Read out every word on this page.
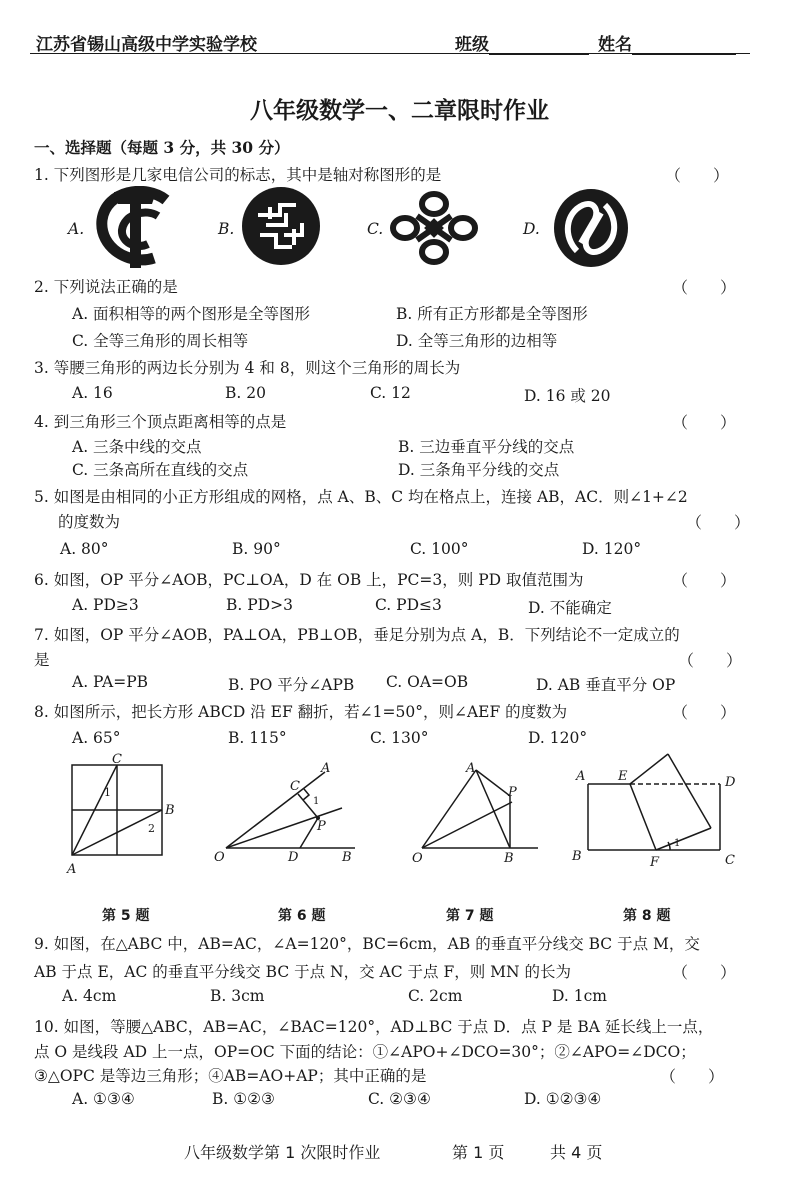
江苏省锡山高级中学实验学校	班级	姓名
八年级数学一、二章限时作业
一、选择题（每题 3 分，共 30 分）
1. 下列图形是几家电信公司的标志，其中是轴对称图形的是	（　　）
A.	B.	C.	D.
2. 下列说法正确的是	（　　）
A. 面积相等的两个图形是全等图形	B. 所有正方形都是全等图形
C. 全等三角形的周长相等	D. 全等三角形的边相等
3. 等腰三角形的两边长分别为 4 和 8，则这个三角形的周长为
A. 16	B. 20	C. 12	D. 16 或 20
4. 到三角形三个顶点距离相等的点是	（　　）
A. 三条中线的交点	B. 三边垂直平分线的交点
C. 三条高所在直线的交点	D. 三条角平分线的交点
5. 如图是由相同的小正方形组成的网格，点 A、B、C 均在格点上，连接 AB，AC．则∠1+∠2
的度数为	（　　）
A. 80°	B. 90°	C. 100°	D. 120°
6. 如图，OP 平分∠AOB，PC⊥OA，D 在 OB 上，PC=3，则 PD 取值范围为	（　　）
A. PD≥3	B. PD>3	C. PD≤3	D. 不能确定
7. 如图，OP 平分∠AOB，PA⊥OA，PB⊥OB，垂足分别为点 A，B．下列结论不一定成立的
是	（　　）
A. PA=PB	B. PO 平分∠APB C. OA=OB	D. AB 垂直平分 OP
8. 如图所示，把长方形 ABCD 沿 EF 翻折，若∠1=50°，则∠AEF 的度数为	（　　）
A. 65°	B. 115°	C. 130°	D. 120°
C
B
A
1
2
A
C
P
D	B
O
1
A
P
B
O
A	E	D
B	F	C
1
第 5 题	第 6 题	第 7 题	第 8 题
9. 如图，在△ABC 中，AB=AC，∠A=120°，BC=6cm，AB 的垂直平分线交 BC 于点 M，交
AB 于点 E，AC 的垂直平分线交 BC 于点 N，交 AC 于点 F，则 MN 的长为	（　　）
A. 4cm	B. 3cm	C. 2cm	D. 1cm
10. 如图，等腰△ABC，AB=AC，∠BAC=120°，AD⊥BC 于点 D．点 P 是 BA 延长线上一点，
点 O 是线段 AD 上一点，OP=OC 下面的结论：①∠APO+∠DCO=30°；②∠APO=∠DCO；
③△OPC 是等边三角形；④AB=AO+AP；其中正确的是	（　　）
A. ①③④	B. ①②③	C. ②③④	D. ①②③④
八年级数学第 1 次限时作业	第 1 页	共 4 页
